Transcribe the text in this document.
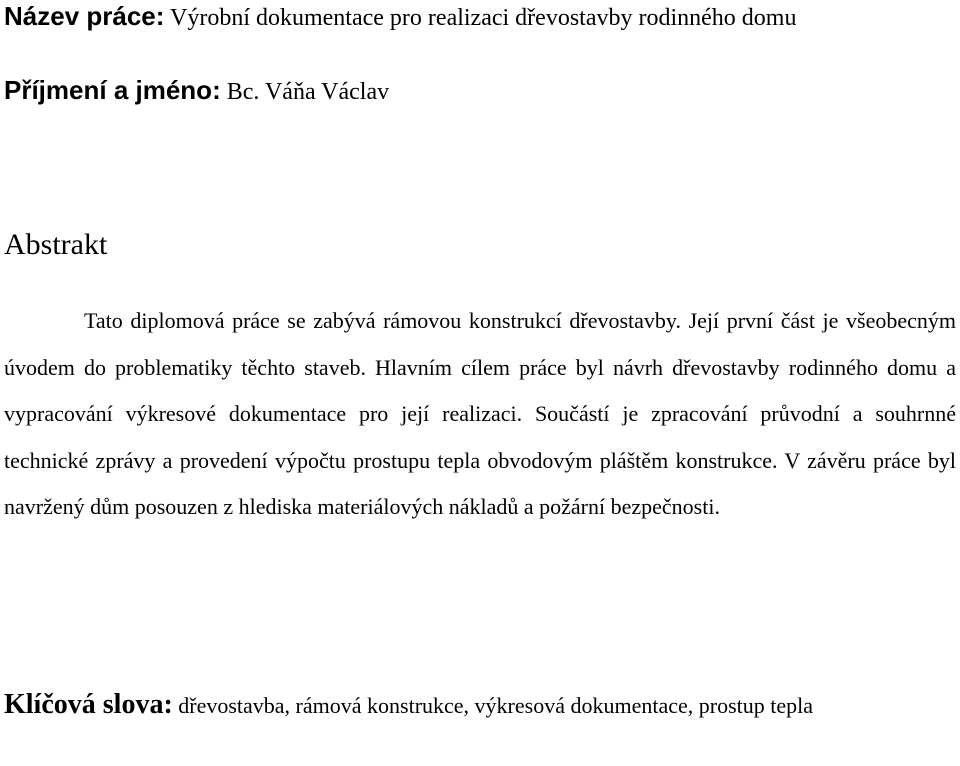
Název práce: Výrobní dokumentace pro realizaci dřevostavby rodinného domu
Příjmení a jméno: Bc. Váňa Václav
Abstrakt

Tato diplomová práce se zabývá rámovou konstrukcí dřevostavby. Její první část je všeobecným úvodem do problematiky těchto staveb. Hlavním cílem práce byl návrh dřevostavby rodinného domu a vypracování výkresové dokumentace pro její realizaci. Součástí je zpracování průvodní a souhrnné technické zprávy a provedení výpočtu prostupu tepla obvodovým pláštěm konstrukce. V závěru práce byl navržený dům posouzen z hlediska materiálových nákladů a požární bezpečnosti.

Klíčová slova: dřevostavba, rámová konstrukce, výkresová dokumentace, prostup tepla
